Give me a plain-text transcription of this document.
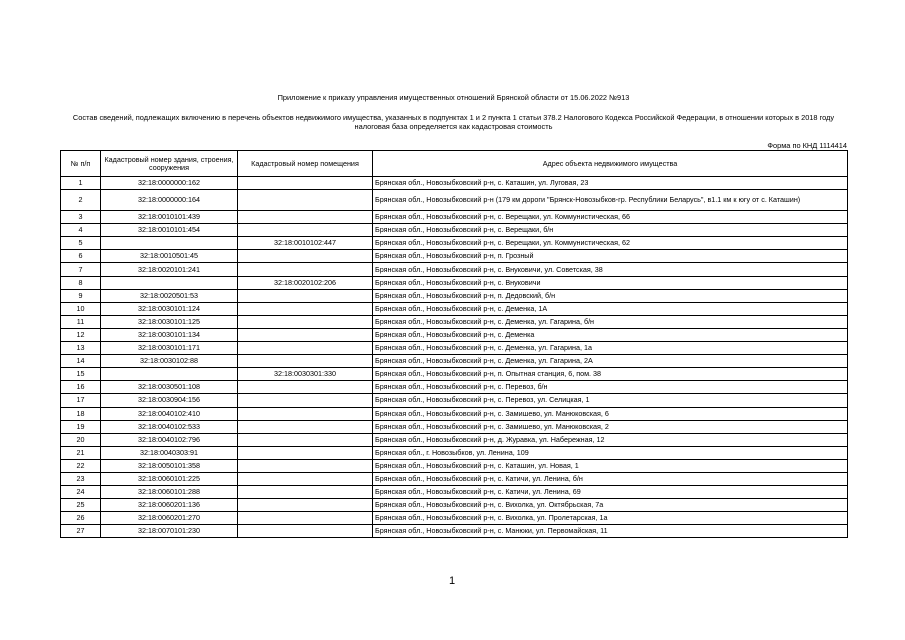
Приложение к приказу управления имущественных отношений Брянской области от 15.06.2022 №913
Состав сведений, подлежащих включению в перечень объектов недвижимого имущества, указанных в подпунктах 1 и 2 пункта 1 статьи 378.2 Налогового Кодекса Российской Федерации, в отношении которых в 2018 году налоговая база определяется как кадастровая стоимость
Форма по КНД 1114414
№ п/п	Кадастровый номер здания, строения, сооружения	Кадастровый номер помещения	Адрес объекта недвижимого имущества
1	32:18:0000000:162		Брянская обл., Новозыбковский р-н, с. Каташин, ул. Луговая, 23
2	32:18:0000000:164		Брянская обл., Новозыбковский р-н (179 км дороги "Брянск-Новозыбков-гр. Республики Беларусь", в1.1 км к югу от с. Каташин)
3	32:18:0010101:439		Брянская обл., Новозыбковский р-н, с. Верещаки, ул. Коммунистическая, 66
4	32:18:0010101:454		Брянская обл., Новозыбковский р-н, с. Верещаки, б/н
5		32:18:0010102:447	Брянская обл., Новозыбковский р-н, с. Верещаки, ул. Коммунистическая, 62
6	32:18:0010501:45		Брянская обл., Новозыбковский р-н, п. Грозный
7	32:18:0020101:241		Брянская обл., Новозыбковский р-н, с. Внуковичи, ул. Советская, 38
8		32:18:0020102:206	Брянская обл., Новозыбковский р-н, с. Внуковичи
9	32:18:0020501:53		Брянская обл., Новозыбковский р-н, п. Дедовский, б/н
10	32:18:0030101:124		Брянская обл., Новозыбковский р-н, с. Деменка, 1А
11	32:18:0030101:125		Брянская обл., Новозыбковский р-н, с. Деменка, ул. Гагарина, б/н
12	32:18:0030101:134		Брянская обл., Новозыбковский р-н, с. Деменка
13	32:18:0030101:171		Брянская обл., Новозыбковский р-н, с. Деменка, ул. Гагарина, 1а
14	32:18:0030102:88		Брянская обл., Новозыбковский р-н, с. Деменка, ул. Гагарина, 2А
15		32:18:0030301:330	Брянская обл., Новозыбковский р-н, п. Опытная станция, 6, пом. 38
16	32:18:0030501:108		Брянская обл., Новозыбковский р-н, с. Перевоз, б/н
17	32:18:0030904:156		Брянская обл., Новозыбковский р-н, с. Перевоз, ул. Селицкая, 1
18	32:18:0040102:410		Брянская обл., Новозыбковский р-н, с. Замишево, ул. Манюковская, 6
19	32:18:0040102:533		Брянская обл., Новозыбковский р-н, с. Замишево, ул. Манюковская, 2
20	32:18:0040102:796		Брянская обл., Новозыбковский р-н, д. Журавка, ул. Набережная, 12
21	32:18:0040303:91		Брянская обл., г. Новозыбков, ул. Ленина, 109
22	32:18:0050101:358		Брянская обл., Новозыбковский р-н, с. Каташин, ул. Новая, 1
23	32:18:0060101:225		Брянская обл., Новозыбковский р-н, с. Катичи, ул. Ленина, б/н
24	32:18:0060101:288		Брянская обл., Новозыбковский р-н, с. Катичи, ул. Ленина, 69
25	32:18:0060201:136		Брянская обл., Новозыбковский р-н, с. Вихолка, ул. Октябрьская, 7а
26	32:18:0060201:270		Брянская обл., Новозыбковский р-н, с. Вихолка, ул. Пролетарская, 1а
27	32:18:0070101:230		Брянская обл., Новозыбковский р-н, с. Манюки, ул. Первомайская, 11
1
